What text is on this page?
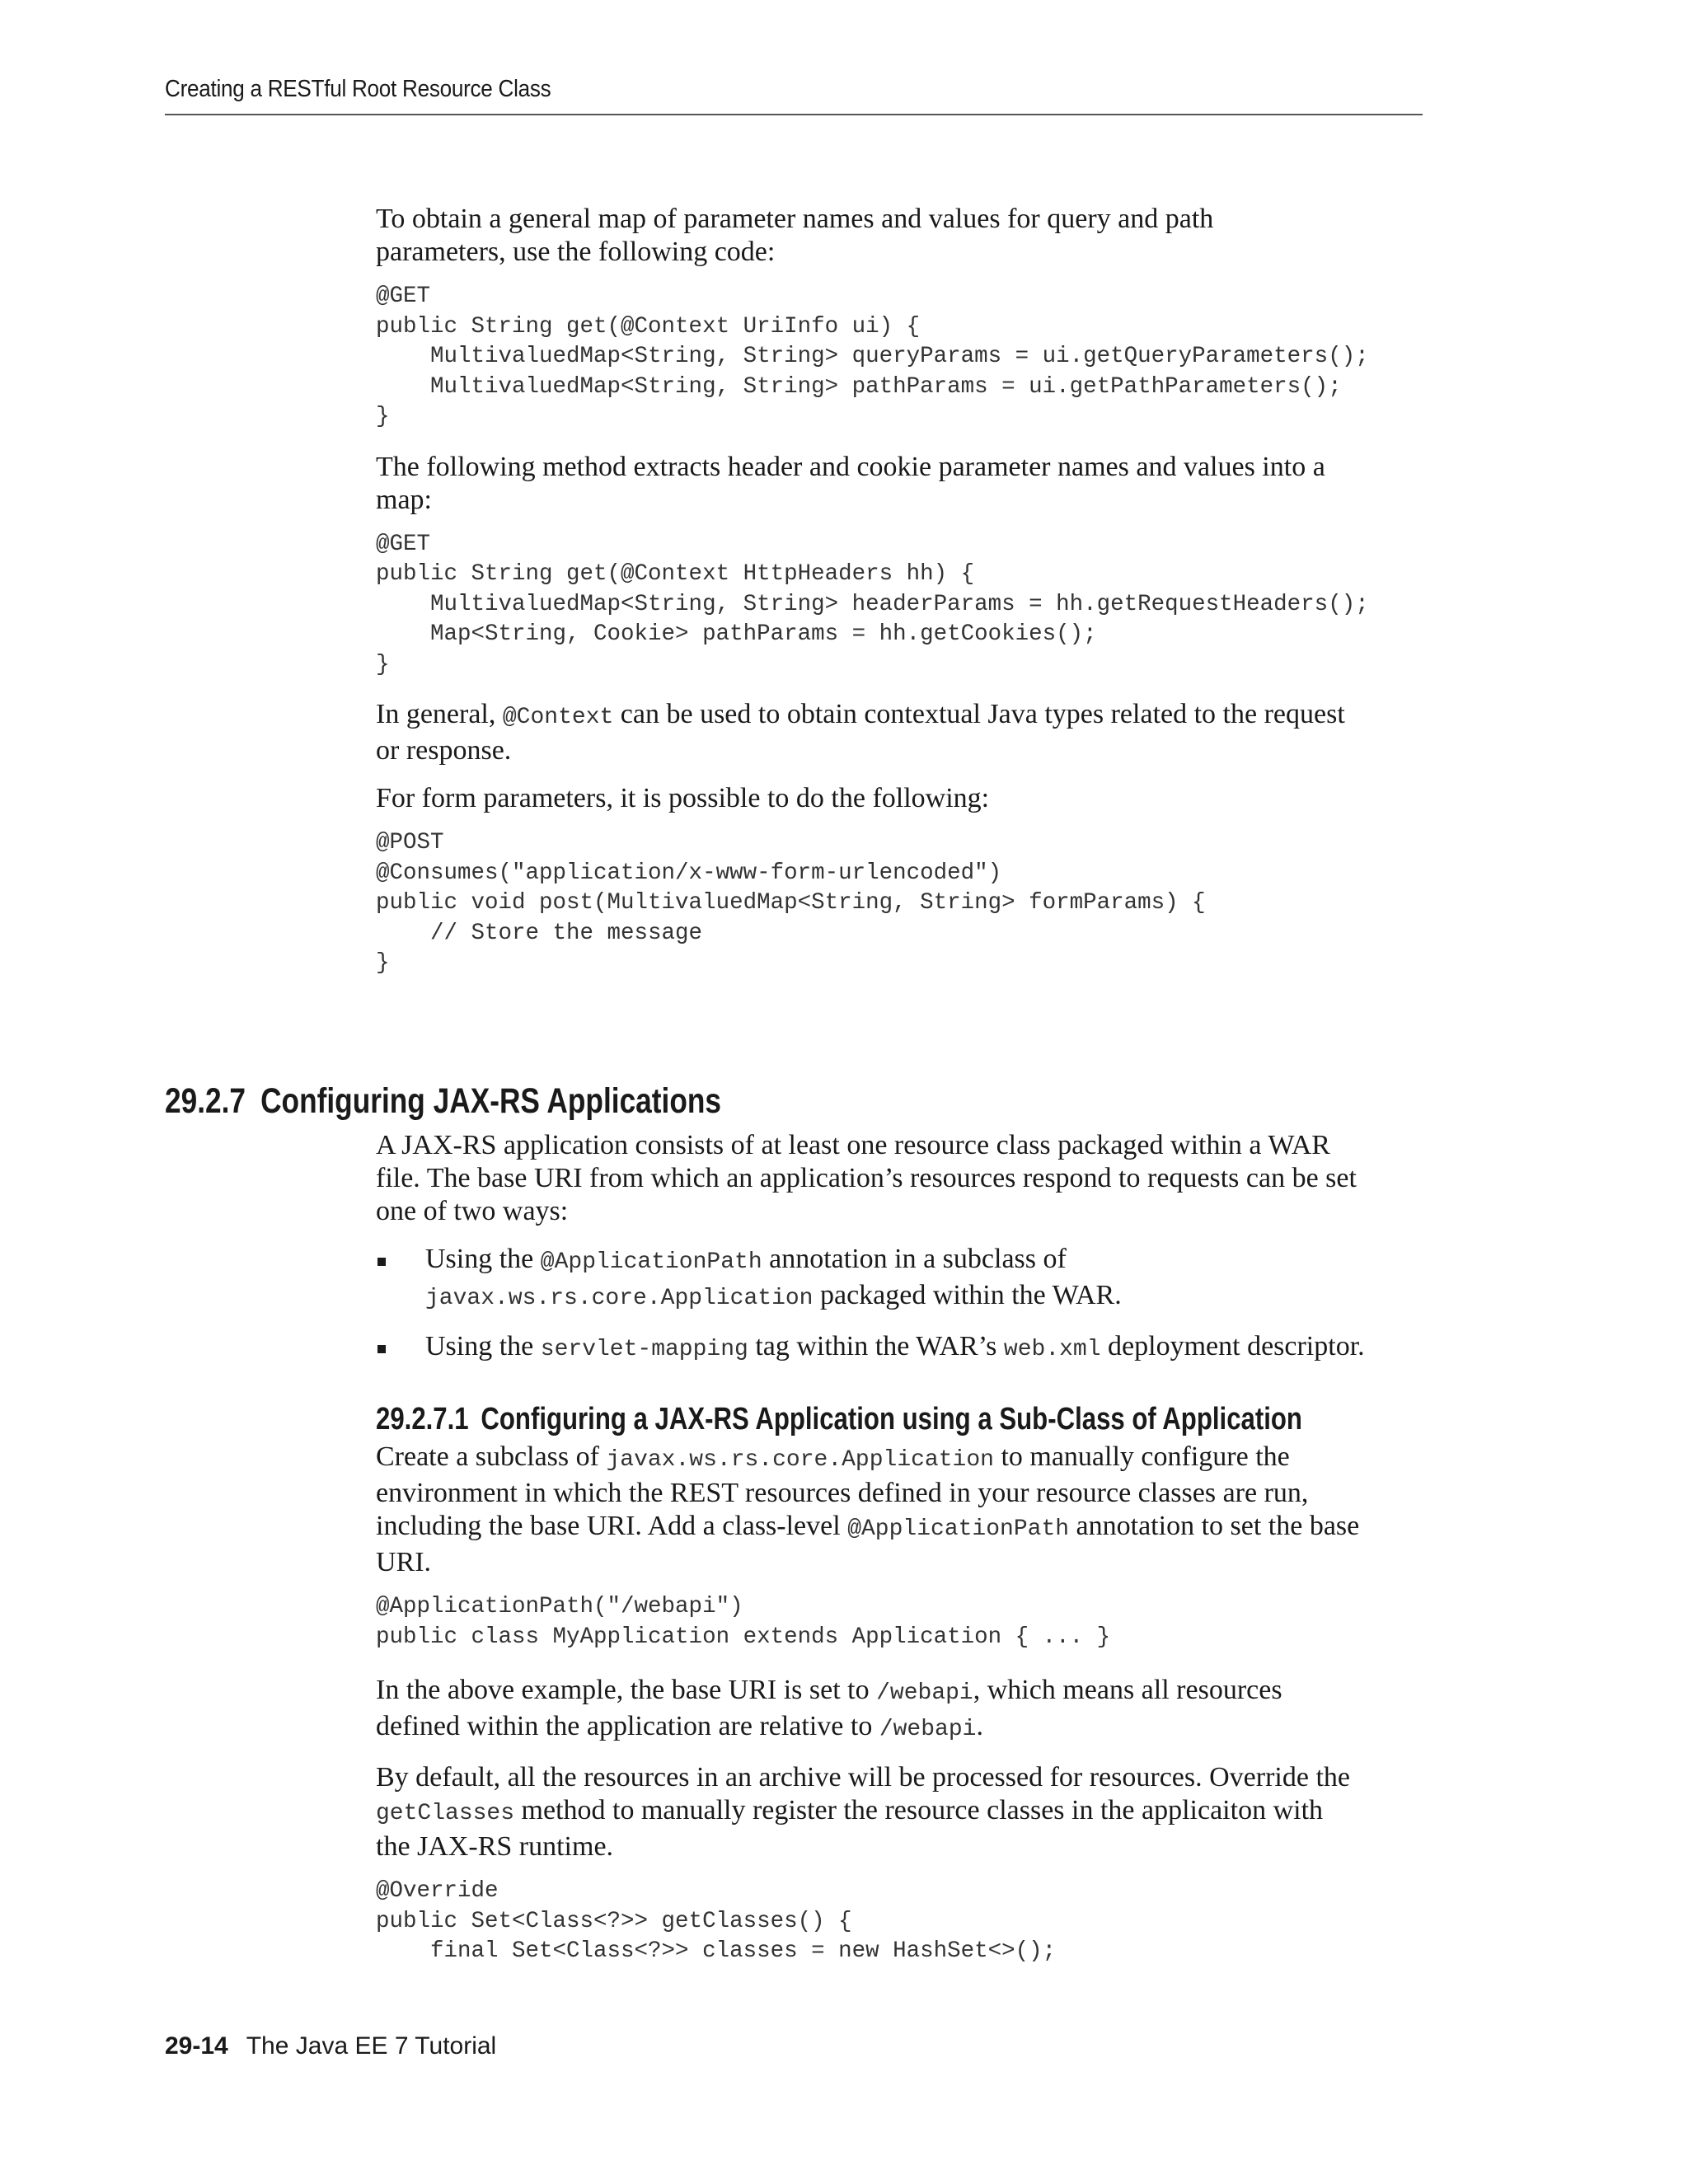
Creating a RESTful Root Resource Class

To obtain a general map of parameter names and values for query and path
parameters, use the following code:

@GET
public String get(@Context UriInfo ui) {
MultivaluedMap<String, String> queryParams = ui.getQueryParameters();
MultivaluedMap<String, String> pathParams = ui.getPathParameters();
}

The following method extracts header and cookie parameter names and values into a
map:

@GET
public String get(@Context HttpHeaders hh) {
MultivaluedMap<String, String> headerParams = hh.getRequestHeaders();
Map<String, Cookie> pathParams = hh.getCookies();
}

In general, @Context can be used to obtain contextual Java types related to the request
or response.

For form parameters, it is possible to do the following:

@POST
@Consumes("application/x-www-form-urlencoded")
public void post(MultivaluedMap<String, String> formParams) {
// Store the message
}
29.2.7 Configuring JAX-RS Applications

A JAX-RS application consists of at least one resource class packaged within a WAR
file. The base URI from which an application’s resources respond to requests can be set
one of two ways:

Using the @ApplicationPath annotation in a subclass of
javax.ws.rs.core.Application packaged within the WAR.
Using the servlet-mapping tag within the WAR’s web.xml deployment descriptor.
29.2.7.1 Configuring a JAX-RS Application using a Sub-Class of Application

Create a subclass of javax.ws.rs.core.Application to manually configure the
environment in which the REST resources defined in your resource classes are run,
including the base URI. Add a class-level @ApplicationPath annotation to set the base
URI.

@ApplicationPath("/webapi")
public class MyApplication extends Application { ... }

In the above example, the base URI is set to /webapi, which means all resources
defined within the application are relative to /webapi.

By default, all the resources in an archive will be processed for resources. Override the
getClasses method to manually register the resource classes in the applicaiton with
the JAX-RS runtime.

@Override
public Set<Class<?>> getClasses() {
final Set<Class<?>> classes = new HashSet<>();
29-14 The Java EE 7 Tutorial
